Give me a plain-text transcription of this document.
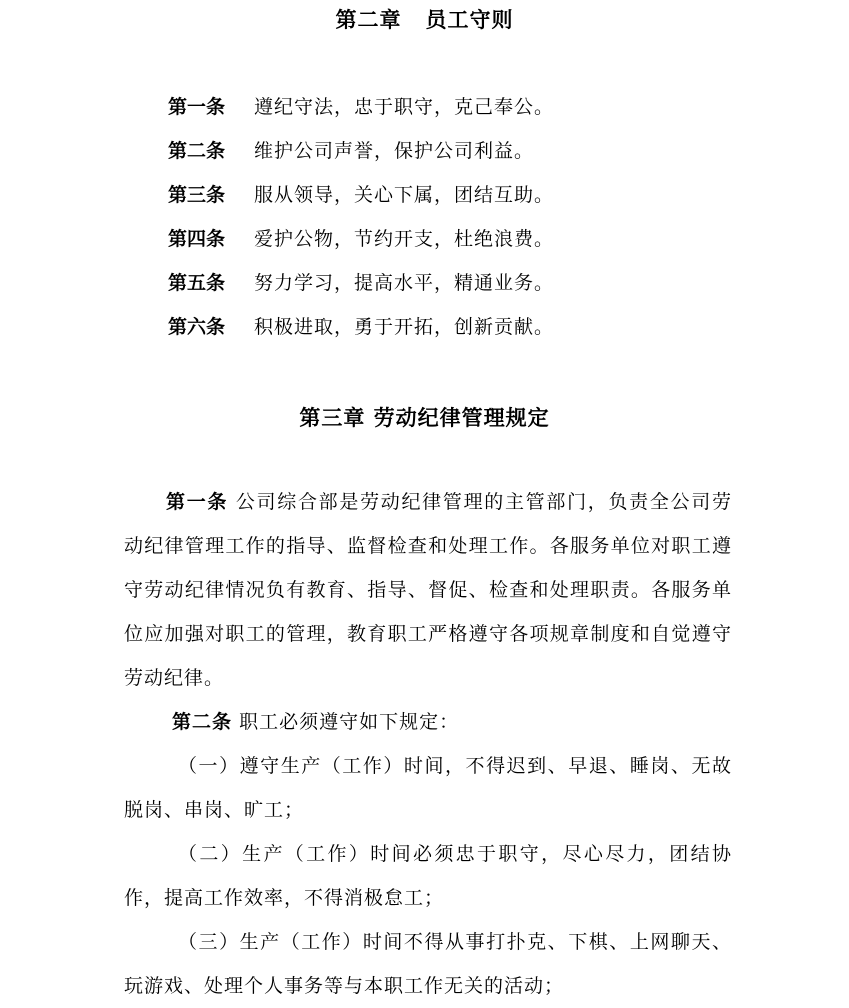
第二章 员工守则
第一条 遵纪守法，忠于职守，克己奉公。
第二条 维护公司声誉，保护公司利益。
第三条 服从领导，关心下属，团结互助。
第四条 爱护公物，节约开支，杜绝浪费。
第五条 努力学习，提高水平，精通业务。
第六条 积极进取，勇于开拓，创新贡献。
第三章 劳动纪律管理规定
第一条 公司综合部是劳动纪律管理的主管部门，负责全公司劳动纪律管理工作的指导、监督检查和处理工作。各服务单位对职工遵守劳动纪律情况负有教育、指导、督促、检查和处理职责。各服务单位应加强对职工的管理，教育职工严格遵守各项规章制度和自觉遵守劳动纪律。
第二条 职工必须遵守如下规定：
（一）遵守生产（工作）时间，不得迟到、早退、睡岗、无故脱岗、串岗、旷工；
（二）生产（工作）时间必须忠于职守，尽心尽力，团结协作，提高工作效率，不得消极怠工；
（三）生产（工作）时间不得从事打扑克、下棋、上网聊天、玩游戏、处理个人事务等与本职工作无关的活动；
